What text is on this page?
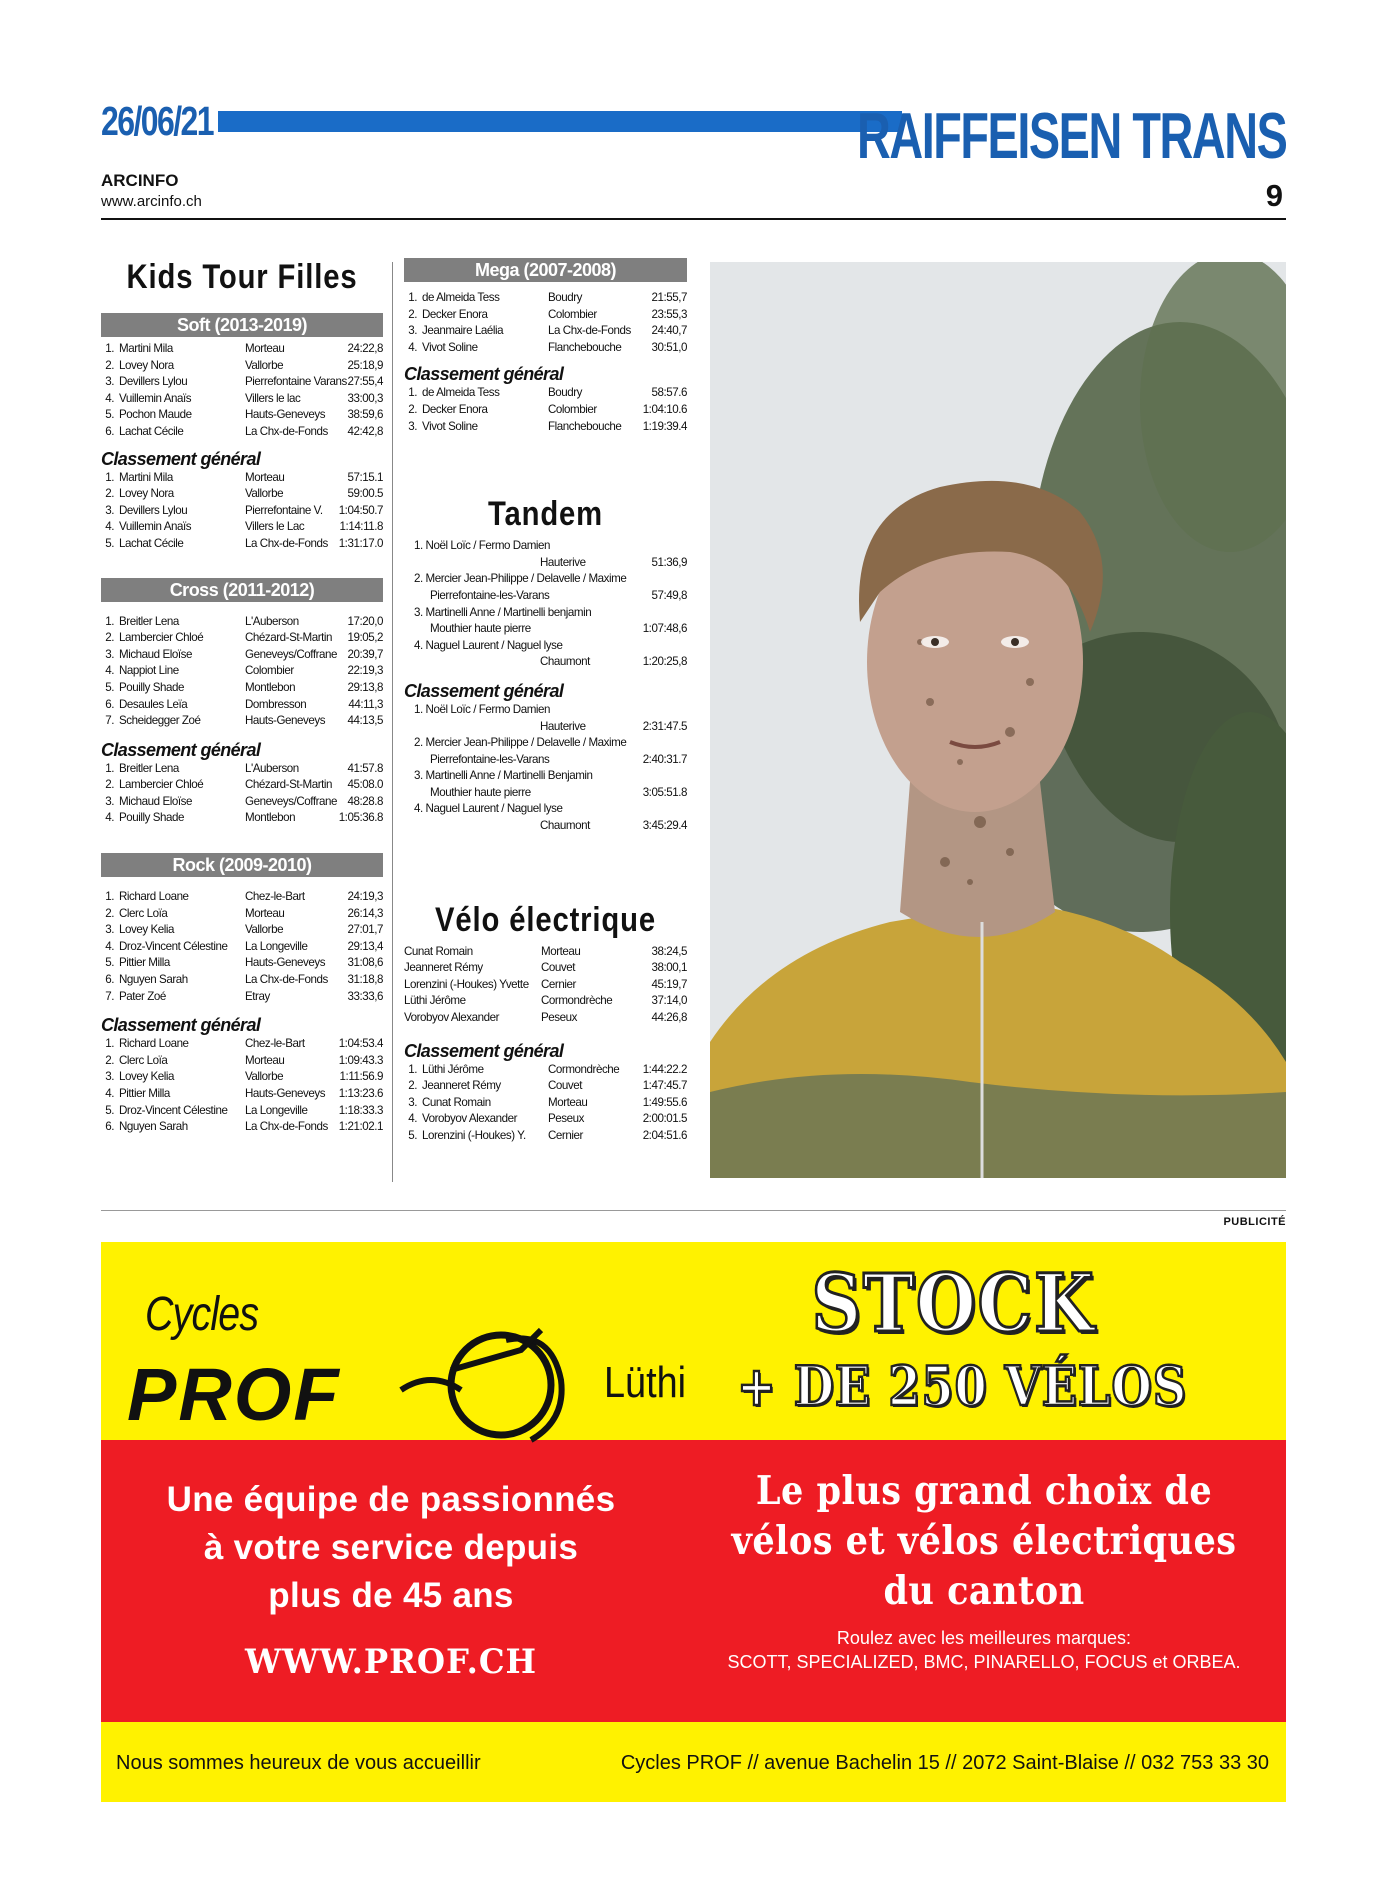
26/06/21	RAIFFEISEN TRANS
ARCINFO
www.arcinfo.ch	9
Kids Tour Filles
Soft (2013-2019)
1.	Martini Mila	Morteau	24:22,8
2.	Lovey Nora	Vallorbe	25:18,9
3.	Devillers Lylou	Pierrefontaine Varans	27:55,4
4.	Vuillemin Anaïs	Villers le lac	33:00,3
5.	Pochon Maude	Hauts-Geneveys	38:59,6
6.	Lachat Cécile	La Chx-de-Fonds	42:42,8
Classement général
1.	Martini Mila	Morteau	57:15.1
2.	Lovey Nora	Vallorbe	59:00.5
3.	Devillers Lylou	Pierrefontaine V.	1:04:50.7
4.	Vuillemin Anaïs	Villers le Lac	1:14:11.8
5.	Lachat Cécile	La Chx-de-Fonds	1:31:17.0
Cross (2011-2012)
1.	Breitler Lena	L'Auberson	17:20,0
2.	Lambercier Chloé	Chézard-St-Martin	19:05,2
3.	Michaud Eloïse	Geneveys/Coffrane	20:39,7
4.	Nappiot Line	Colombier	22:19,3
5.	Pouilly Shade	Montlebon	29:13,8
6.	Desaules Leïa	Dombresson	44:11,3
7.	Scheidegger Zoé	Hauts-Geneveys	44:13,5
Classement général
1.	Breitler Lena	L'Auberson	41:57.8
2.	Lambercier Chloé	Chézard-St-Martin	45:08.0
3.	Michaud Eloïse	Geneveys/Coffrane	48:28.8
4.	Pouilly Shade	Montlebon	1:05:36.8
Rock (2009-2010)
1.	Richard Loane	Chez-le-Bart	24:19,3
2.	Clerc Loïa	Morteau	26:14,3
3.	Lovey Kelia	Vallorbe	27:01,7
4.	Droz-Vincent Célestine	La Longeville	29:13,4
5.	Pittier Milla	Hauts-Geneveys	31:08,6
6.	Nguyen Sarah	La Chx-de-Fonds	31:18,8
7.	Pater Zoé	Etray	33:33,6
Classement général
1.	Richard Loane	Chez-le-Bart	1:04:53.4
2.	Clerc Loïa	Morteau	1:09:43.3
3.	Lovey Kelia	Vallorbe	1:11:56.9
4.	Pittier Milla	Hauts-Geneveys	1:13:23.6
5.	Droz-Vincent Célestine	La Longeville	1:18:33.3
6.	Nguyen Sarah	La Chx-de-Fonds	1:21:02.1
Mega (2007-2008)
1.	de Almeida Tess	Boudry	21:55,7
2.	Decker Enora	Colombier	23:55,3
3.	Jeanmaire Laélia	La Chx-de-Fonds	24:40,7
4.	Vivot Soline	Flanchebouche	30:51,0
Classement général
1.	de Almeida Tess	Boudry	58:57.6
2.	Decker Enora	Colombier	1:04:10.6
3.	Vivot Soline	Flanchebouche	1:19:39.4
Tandem
1. Noël Loïc / Fermo Damien
Hauterive	51:36,9
2. Mercier Jean-Philippe / Delavelle / Maxime
Pierrefontaine-les-Varans	57:49,8
3. Martinelli Anne / Martinelli benjamin
Mouthier haute pierre	1:07:48,6
4. Naguel Laurent / Naguel lyse
Chaumont	1:20:25,8
Classement général
1. Noël Loïc / Fermo Damien
Hauterive	2:31:47.5
2. Mercier Jean-Philippe / Delavelle / Maxime
Pierrefontaine-les-Varans	2:40:31.7
3. Martinelli Anne / Martinelli Benjamin
Mouthier haute pierre	3:05:51.8
4. Naguel Laurent / Naguel lyse
Chaumont	3:45:29.4
Vélo électrique
	Cunat Romain	Morteau	38:24,5
	Jeanneret Rémy	Couvet	38:00,1
	Lorenzini (-Houkes) Yvette	Cernier	45:19,7
	Lüthi Jérôme	Cormondrèche	37:14,0
	Vorobyov Alexander	Peseux	44:26,8
Classement général
1.	Lüthi Jérôme	Cormondrèche	1:44:22.2
2.	Jeanneret Rémy	Couvet	1:47:45.7
3.	Cunat Romain	Morteau	1:49:55.6
4.	Vorobyov Alexander	Peseux	2:00:01.5
5.	Lorenzini (-Houkes) Y.	Cernier	2:04:51.6
PUBLICITÉ
Cycles
PROF	Lüthi
STOCK
+ DE 250 VÉLOS
Une équipe de passionnés
à votre service depuis
plus de 45 ans
WWW.PROF.CH
Le plus grand choix de
vélos et vélos électriques
du canton
Roulez avec les meilleures marques:
SCOTT, SPECIALIZED, BMC, PINARELLO, FOCUS et ORBEA.
Nous sommes heureux de vous accueillir	Cycles PROF // avenue Bachelin 15 // 2072 Saint-Blaise // 032 753 33 30
